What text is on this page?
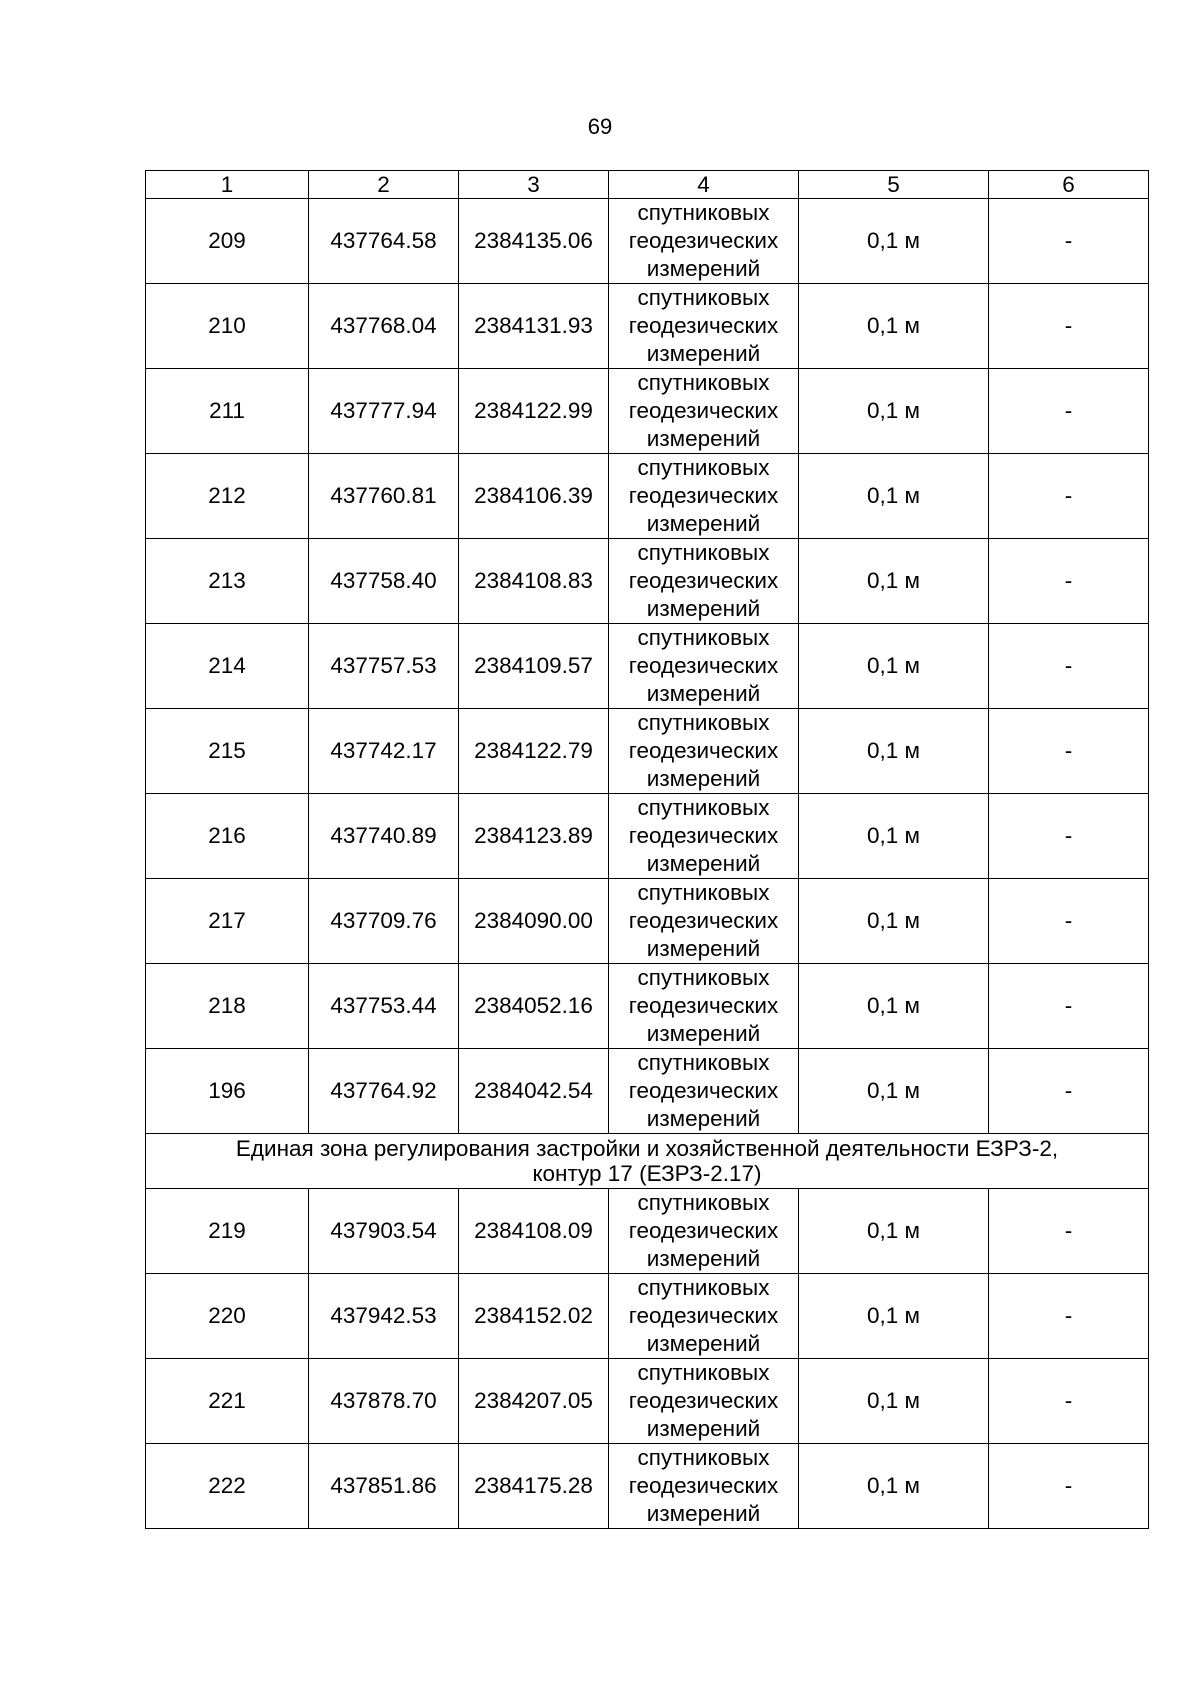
69
1	2	3	4	5	6
209	437764.58	2384135.06	спутниковых
геодезических
измерений	0,1 м	-
210	437768.04	2384131.93	спутниковых
геодезических
измерений	0,1 м	-
211	437777.94	2384122.99	спутниковых
геодезических
измерений	0,1 м	-
212	437760.81	2384106.39	спутниковых
геодезических
измерений	0,1 м	-
213	437758.40	2384108.83	спутниковых
геодезических
измерений	0,1 м	-
214	437757.53	2384109.57	спутниковых
геодезических
измерений	0,1 м	-
215	437742.17	2384122.79	спутниковых
геодезических
измерений	0,1 м	-
216	437740.89	2384123.89	спутниковых
геодезических
измерений	0,1 м	-
217	437709.76	2384090.00	спутниковых
геодезических
измерений	0,1 м	-
218	437753.44	2384052.16	спутниковых
геодезических
измерений	0,1 м	-
196	437764.92	2384042.54	спутниковых
геодезических
измерений	0,1 м	-

Единая зона регулирования застройки и хозяйственной деятельности ЕЗРЗ-2,
контур 17 (ЕЗРЗ-2.17)					

219	437903.54	2384108.09	спутниковых
геодезических
измерений	0,1 м	-
220	437942.53	2384152.02	спутниковых
геодезических
измерений	0,1 м	-
221	437878.70	2384207.05	спутниковых
геодезических
измерений	0,1 м	-
222	437851.86	2384175.28	спутниковых
геодезических
измерений	0,1 м	-
